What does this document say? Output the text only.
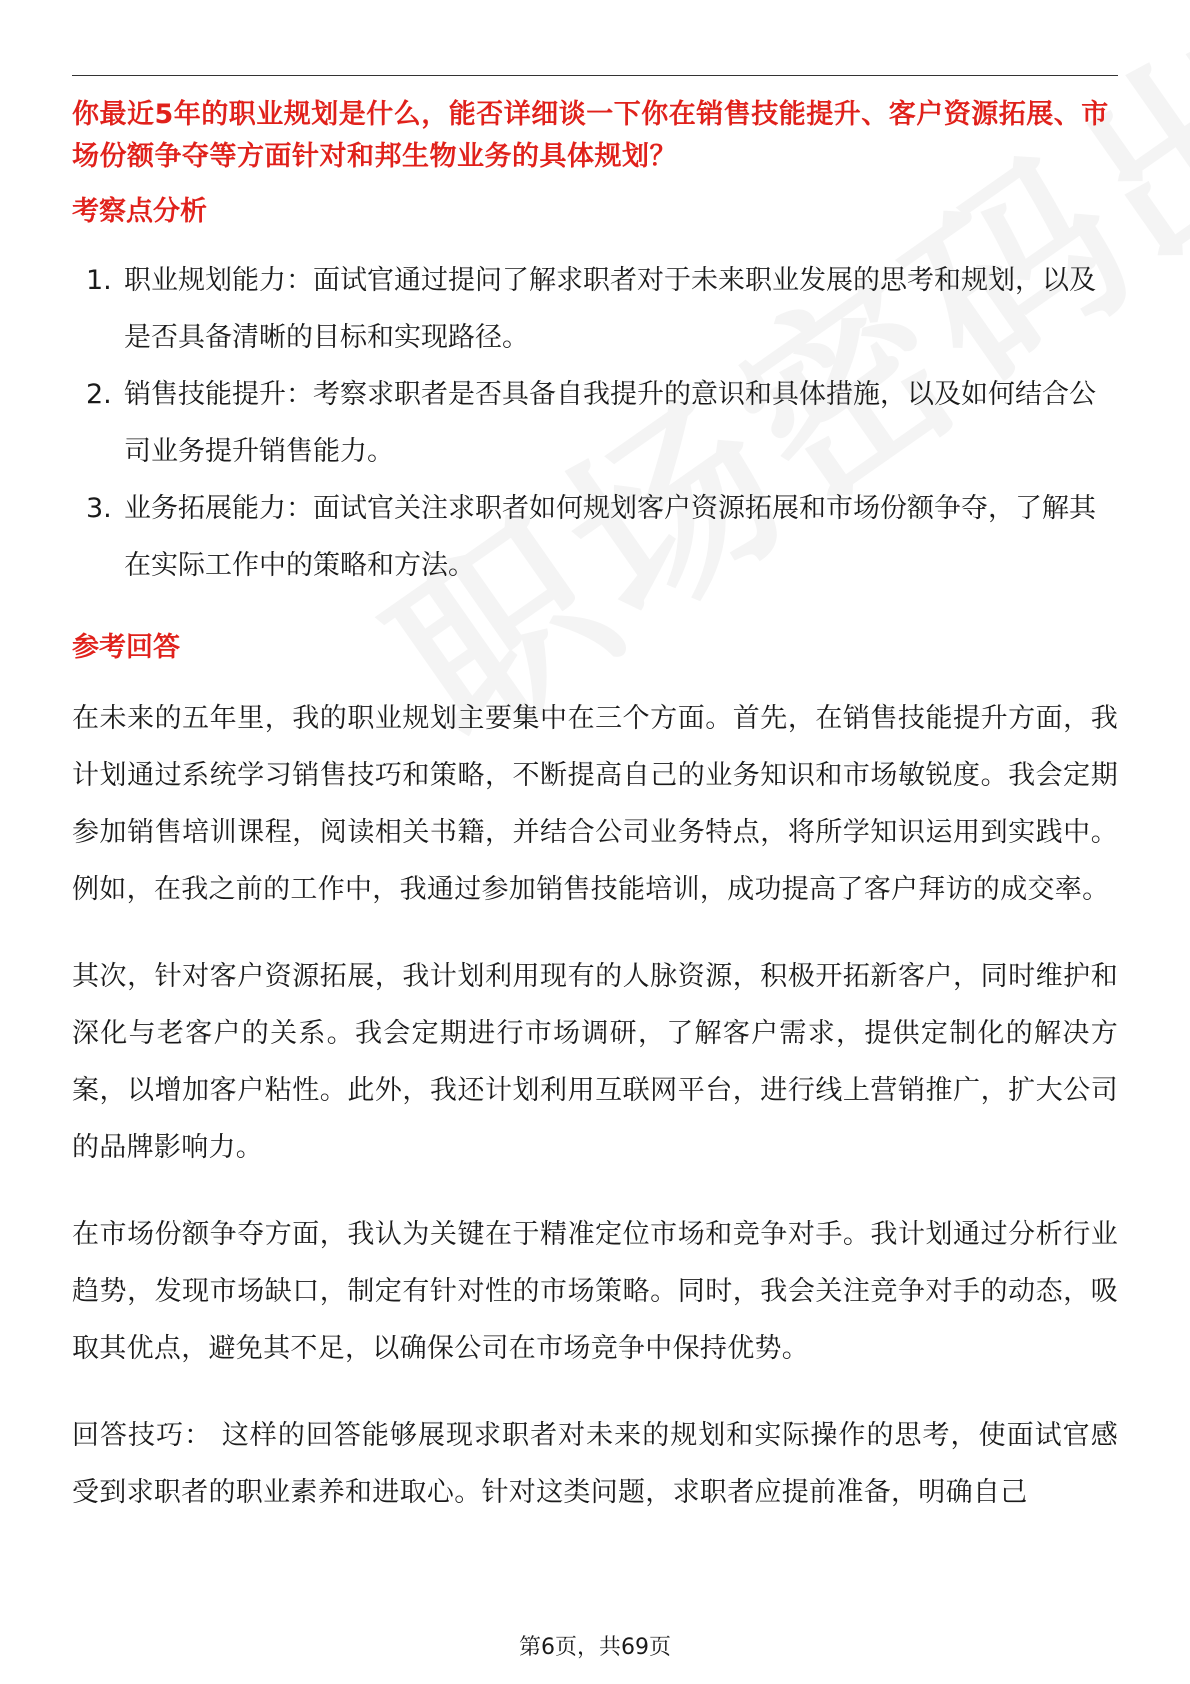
你最近5年的职业规划是什么，能否详细谈一下你在销售技能提升、客户资源拓展、市场份额争夺等方面针对和邦生物业务的具体规划？

考察点分析
1. 职业规划能力：面试官通过提问了解求职者对于未来职业发展的思考和规划，以及是否具备清晰的目标和实现路径。
2. 销售技能提升：考察求职者是否具备自我提升的意识和具体措施，以及如何结合公司业务提升销售能力。
3. 业务拓展能力：面试官关注求职者如何规划客户资源拓展和市场份额争夺，了解其在实际工作中的策略和方法。
参考回答

在未来的五年里，我的职业规划主要集中在三个方面。首先，在销售技能提升方面，我计划通过系统学习销售技巧和策略，不断提高自己的业务知识和市场敏锐度。我会定期参加销售培训课程，阅读相关书籍，并结合公司业务特点，将所学知识运用到实践中。例如，在我之前的工作中，我通过参加销售技能培训，成功提高了客户拜访的成交率。

其次，针对客户资源拓展，我计划利用现有的人脉资源，积极开拓新客户，同时维护和深化与老客户的关系。我会定期进行市场调研，了解客户需求，提供定制化的解决方案，以增加客户粘性。此外，我还计划利用互联网平台，进行线上营销推广，扩大公司的品牌影响力。

在市场份额争夺方面，我认为关键在于精准定位市场和竞争对手。我计划通过分析行业趋势，发现市场缺口，制定有针对性的市场策略。同时，我会关注竞争对手的动态，吸取其优点，避免其不足，以确保公司在市场竞争中保持优势。

回答技巧： 这样的回答能够展现求职者对未来的规划和实际操作的思考，使面试官感受到求职者的职业素养和进取心。针对这类问题，求职者应提前准备，明确自己

第6页，共69页
